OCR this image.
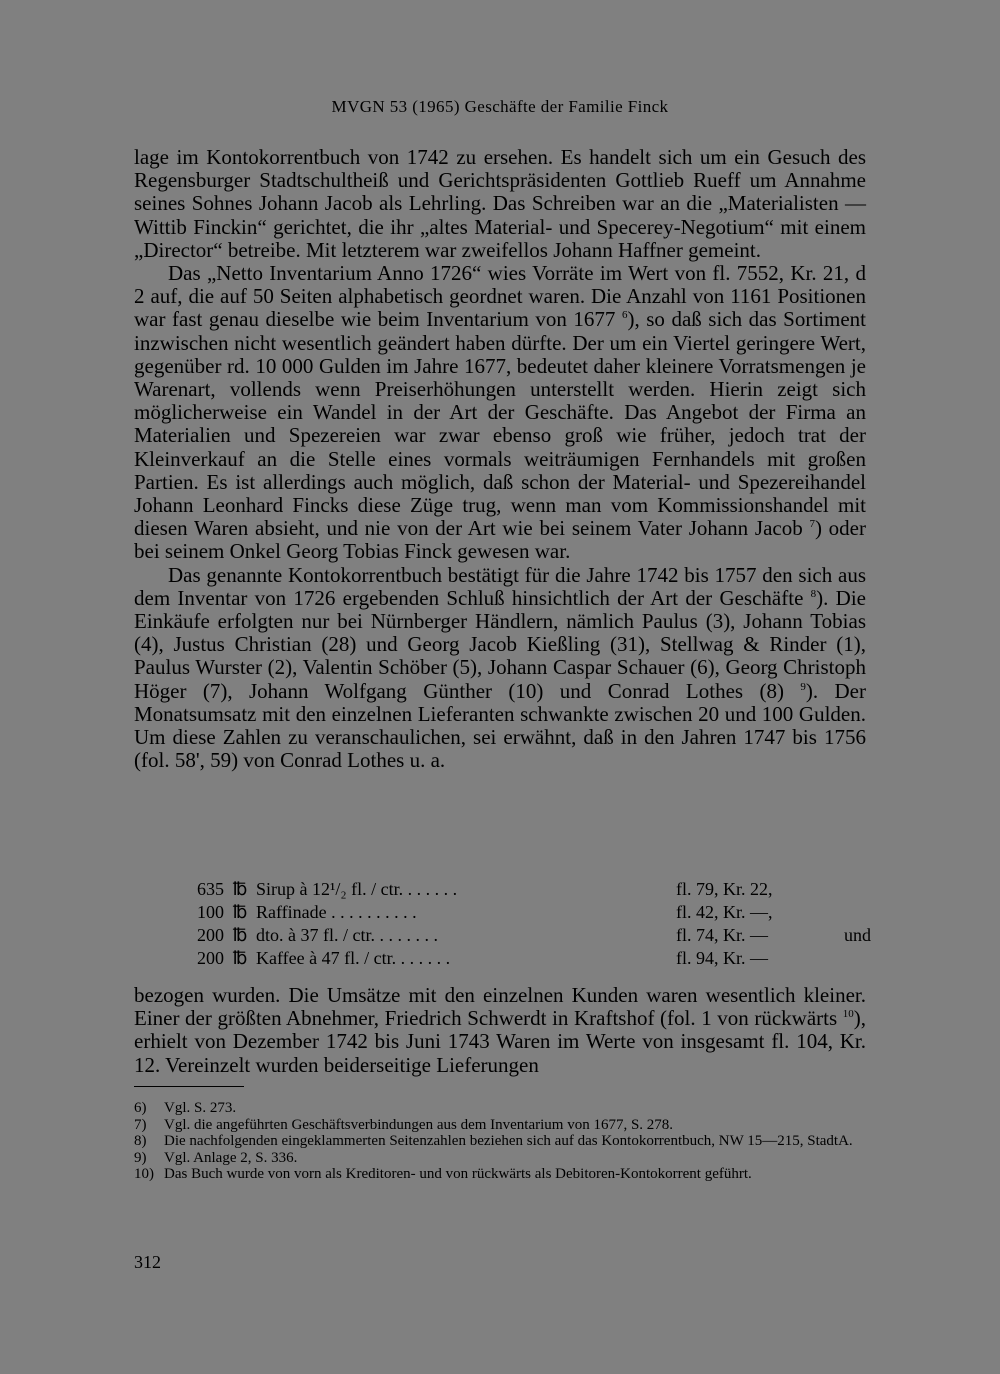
MVGN 53 (1965) Geschäfte der Familie Finck

lage im Kontokorrentbuch von 1742 zu ersehen. Es handelt sich um ein Gesuch des Regensburger Stadtschultheiß und Gerichtspräsidenten Gottlieb Rueff um Annahme seines Sohnes Johann Jacob als Lehrling. Das Schreiben war an die „Materialisten — Wittib Finckin“ gerichtet, die ihr „altes Material- und Specerey-Negotium“ mit einem „Director“ betreibe. Mit letzterem war zweifellos Johann Haffner gemeint.

Das „Netto Inventarium Anno 1726“ wies Vorräte im Wert von fl. 7552, Kr. 21, d 2 auf, die auf 50 Seiten alphabetisch geordnet waren. Die Anzahl von 1161 Positionen war fast genau dieselbe wie beim Inventarium von 1677 $^6$), so daß sich das Sortiment inzwischen nicht wesentlich geändert haben dürfte. Der um ein Viertel geringere Wert, gegenüber rd. 10 000 Gulden im Jahre 1677, bedeutet daher kleinere Vorratsmengen je Warenart, vollends wenn Preiserhöhungen unterstellt werden. Hierin zeigt sich möglicherweise ein Wandel in der Art der Geschäfte. Das Angebot der Firma an Materialien und Spezereien war zwar ebenso groß wie früher, jedoch trat der Kleinverkauf an die Stelle eines vormals weiträumigen Fernhandels mit großen Partien. Es ist allerdings auch möglich, daß schon der Material- und Spezereihandel Johann Leonhard Fincks diese Züge trug, wenn man vom Kommissionshandel mit diesen Waren absieht, und nie von der Art wie bei seinem Vater Johann Jacob $^7$) oder bei seinem Onkel Georg Tobias Finck gewesen war.

Das genannte Kontokorrentbuch bestätigt für die Jahre 1742 bis 1757 den sich aus dem Inventar von 1726 ergebenden Schluß hinsichtlich der Art der Geschäfte $^8$). Die Einkäufe erfolgten nur bei Nürnberger Händlern, nämlich Paulus (3), Johann Tobias (4), Justus Christian (28) und Georg Jacob Kießling (31), Stellwag & Rinder (1), Paulus Wurster (2), Valentin Schöber (5), Johann Caspar Schauer (6), Georg Christoph Höger (7), Johann Wolfgang Günther (10) und Conrad Lothes (8) $^9$). Der Monatsumsatz mit den einzelnen Lieferanten schwankte zwischen 20 und 100 Gulden. Um diese Zahlen zu veranschaulichen, sei erwähnt, daß in den Jahren 1747 bis 1756 (fol. 58', 59) von Conrad Lothes u. a.

635 ℔ Sirup à 12¹/₂ fl. / ctr. . . . . . .	fl. 79, Kr. 22,
100 ℔ Raffinade . . . . . . . . . .	fl. 42, Kr. —,
200 ℔ dto. à 37 fl. / ctr. . . . . . . .	fl. 74, Kr. —	und
200 ℔ Kaffee à 47 fl. / ctr. . . . . . .	fl. 94, Kr. —
bezogen wurden. Die Umsätze mit den einzelnen Kunden waren wesentlich kleiner. Einer der größten Abnehmer, Friedrich Schwerdt in Kraftshof (fol. 1 von rückwärts $^{10}$), erhielt von Dezember 1742 bis Juni 1743 Waren im Werte von insgesamt fl. 104, Kr. 12. Vereinzelt wurden beiderseitige Lieferungen
6)	Vgl. S. 273.
7)	Vgl. die angeführten Geschäftsverbindungen aus dem Inventarium von 1677, S. 278.
8)	Die nachfolgenden eingeklammerten Seitenzahlen beziehen sich auf das Kontokorrentbuch, NW 15—215, StadtA.
9)	Vgl. Anlage 2, S. 336.
10) Das Buch wurde von vorn als Kreditoren- und von rückwärts als Debitoren-Kontokorrent geführt.
312
